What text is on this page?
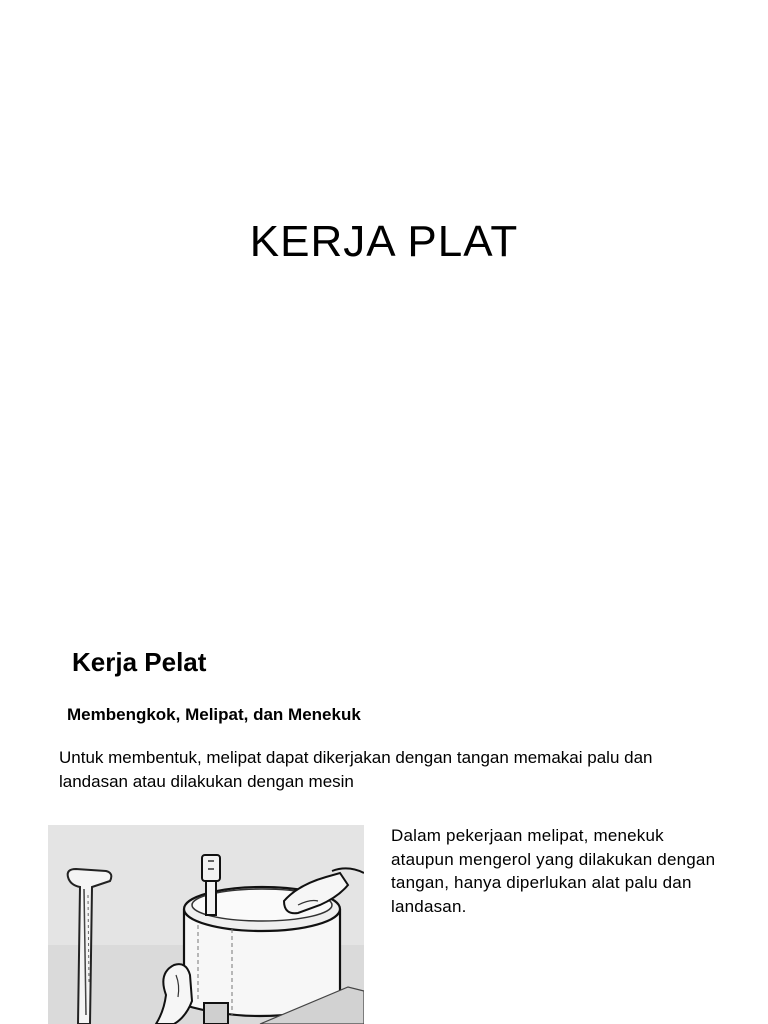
KERJA PLAT
Kerja Pelat
Membengkok, Melipat, dan Menekuk
Untuk membentuk, melipat dapat dikerjakan dengan tangan memakai palu dan landasan atau dilakukan dengan mesin
Dalam pekerjaan melipat, menekuk ataupun mengerol yang dilakukan dengan tangan, hanya diperlukan alat palu dan landasan.
